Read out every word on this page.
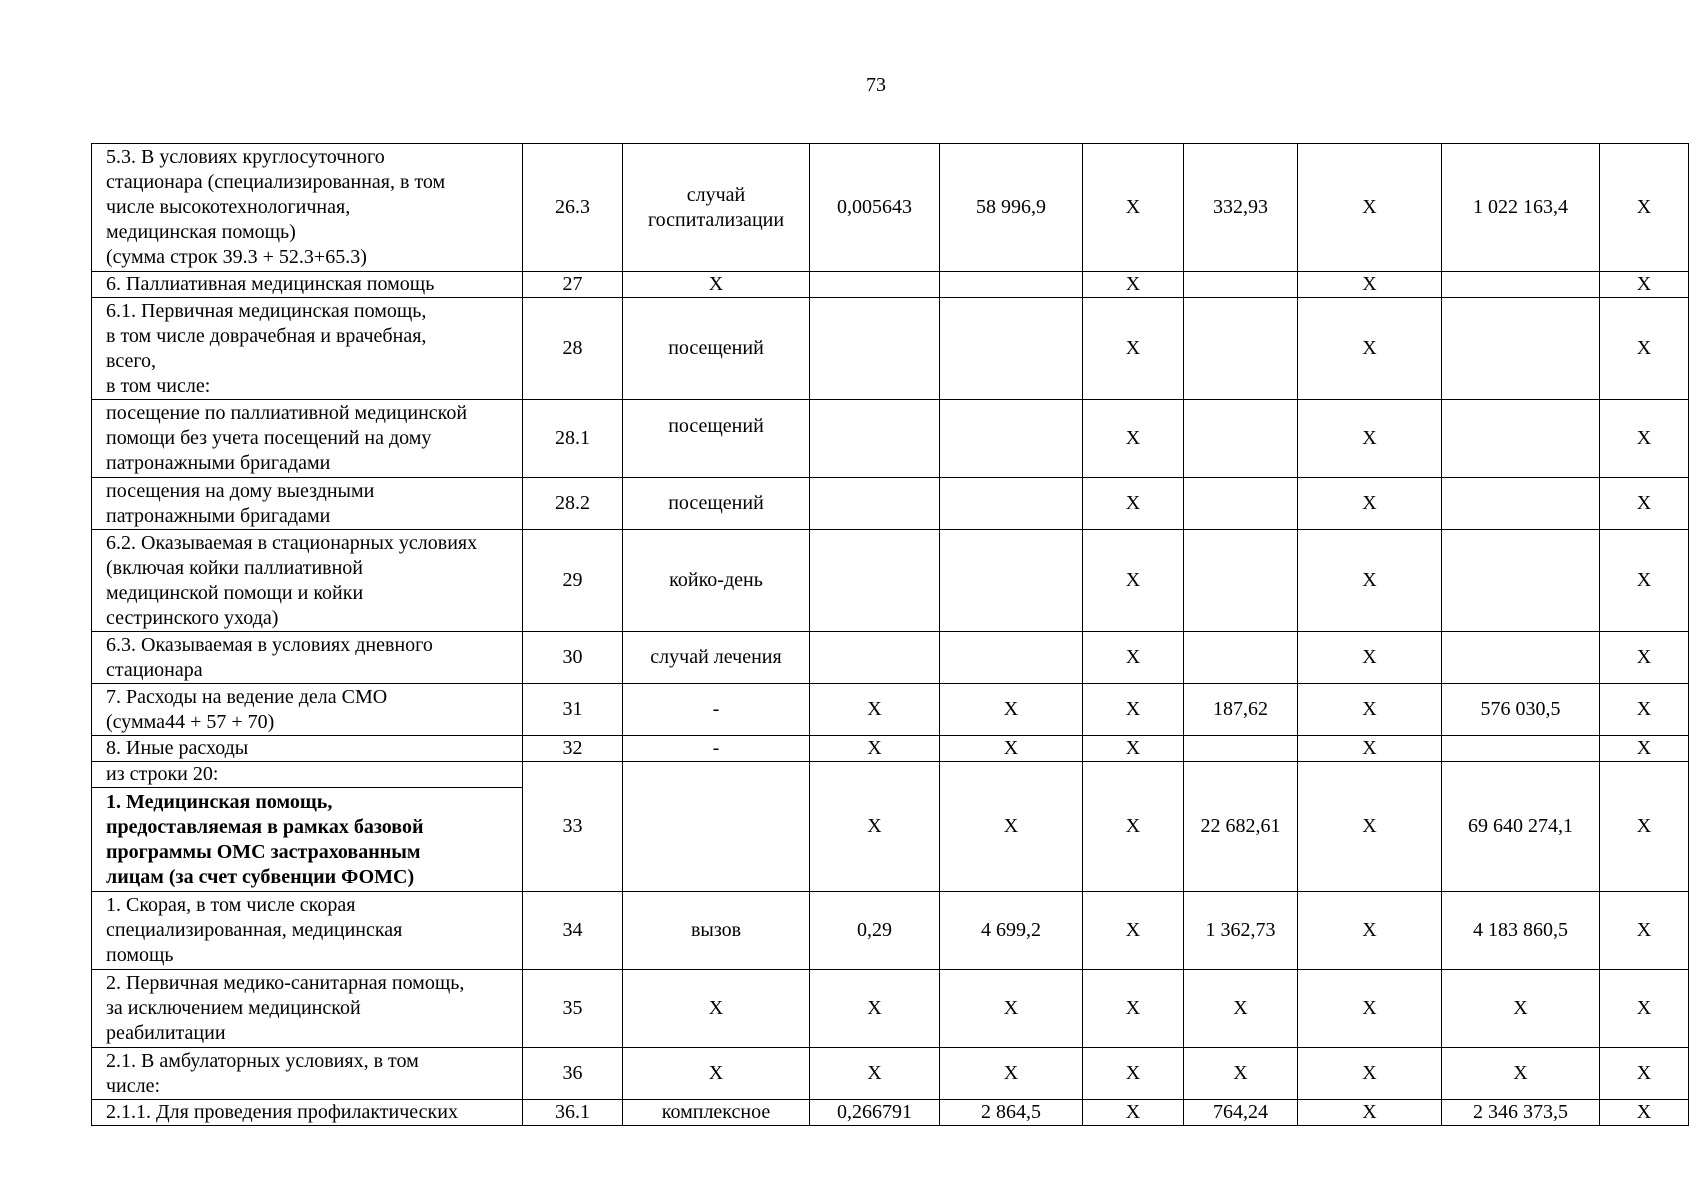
73
5.3. В условиях круглосуточного
стационара (специализированная, в том
числе высокотехнологичная,
медицинская помощь)
(сумма строк 39.3 + 52.3+65.3)	26.3	случай
госпитализации	0,005643	58 996,9	X	332,93	X	1 022 163,4	X
6. Паллиативная медицинская помощь	27	X			X		X		X
6.1. Первичная медицинская помощь,
в том числе доврачебная и врачебная,
всего,
в том числе:	28	посещений			X		X		X
посещение по паллиативной медицинской
помощи без учета посещений на дому
патронажными бригадами	28.1	посещений			X		X		X
посещения на дому выездными
патронажными бригадами	28.2	посещений			X		X		X
6.2. Оказываемая в стационарных условиях
(включая койки паллиативной
медицинской помощи и койки
сестринского ухода)	29	койко-день			X		X		X
6.3. Оказываемая в условиях дневного
стационара	30	случай лечения			X		X		X
7. Расходы на ведение дела СМО
(сумма44 + 57 + 70)	31	-	X	X	X	187,62	X	576 030,5	X
8. Иные расходы	32	-	X	X	X		X		X
из строки 20:	33		X	X	X	22 682,61	X	69 640 274,1	X
1. Медицинская помощь,
предоставляемая в рамках базовой
программы ОМС застрахованным
лицам (за счет субвенции ФОМС)									
1. Скорая, в том числе скорая
специализированная, медицинская
помощь	34	вызов	0,29	4 699,2	X	1 362,73	X	4 183 860,5	X
2. Первичная медико-санитарная помощь,
за исключением медицинской
реабилитации	35	X	X	X	X	X	X	X	X
2.1. В амбулаторных условиях, в том
числе:	36	X	X	X	X	X	X	X	X
2.1.1. Для проведения профилактических	36.1	комплексное	0,266791	2 864,5	X	764,24	X	2 346 373,5	X
